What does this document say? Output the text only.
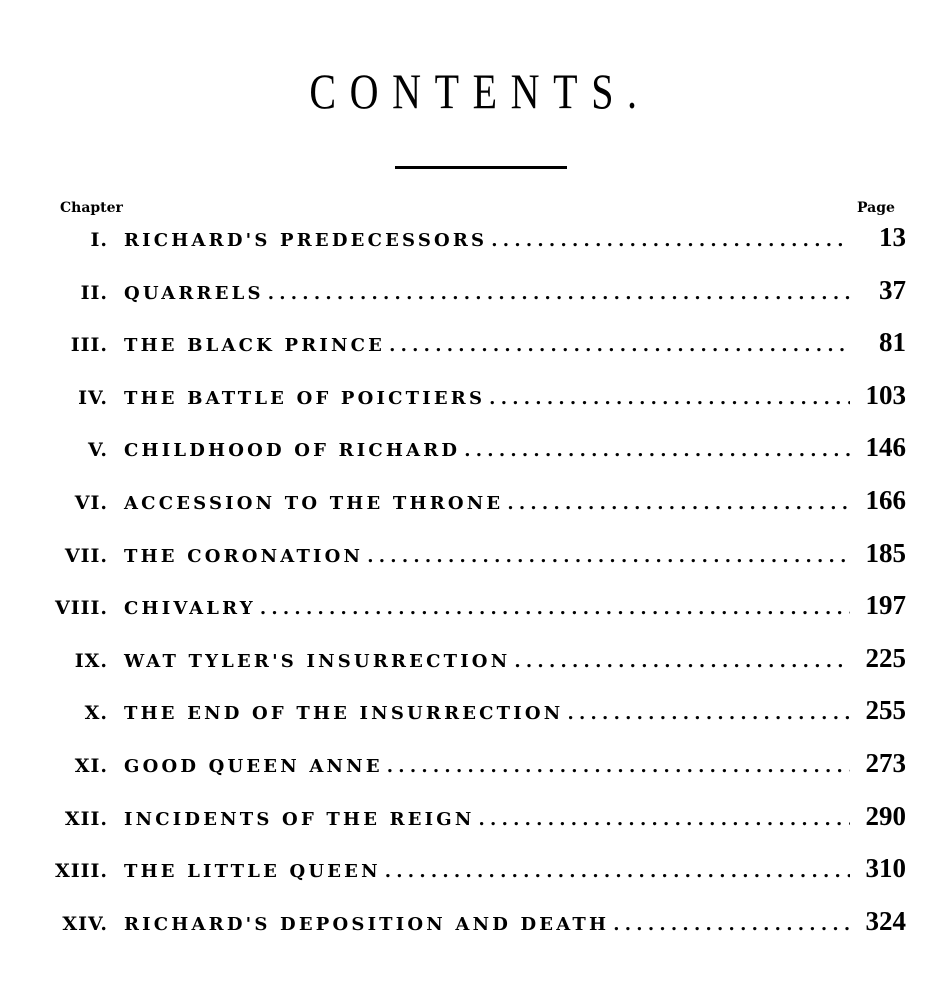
CONTENTS.
Chapter	Page
I. RICHARD'S PREDECESSORS . . .	13
II. QUARRELS . . .	37
III. THE BLACK PRINCE . . .	81
IV. THE BATTLE OF POICTIERS . . .	103
V. CHILDHOOD OF RICHARD . . .	146
VI. ACCESSION TO THE THRONE . . .	166
VII. THE CORONATION . . .	185
VIII. CHIVALRY . . .	197
IX. WAT TYLER'S INSURRECTION . . .	225
X. THE END OF THE INSURRECTION . . .	255
XI. GOOD QUEEN ANNE . . .	273
XII. INCIDENTS OF THE REIGN . . .	290
XIII. THE LITTLE QUEEN . . .	310
XIV. RICHARD'S DEPOSITION AND DEATH . . .	324
